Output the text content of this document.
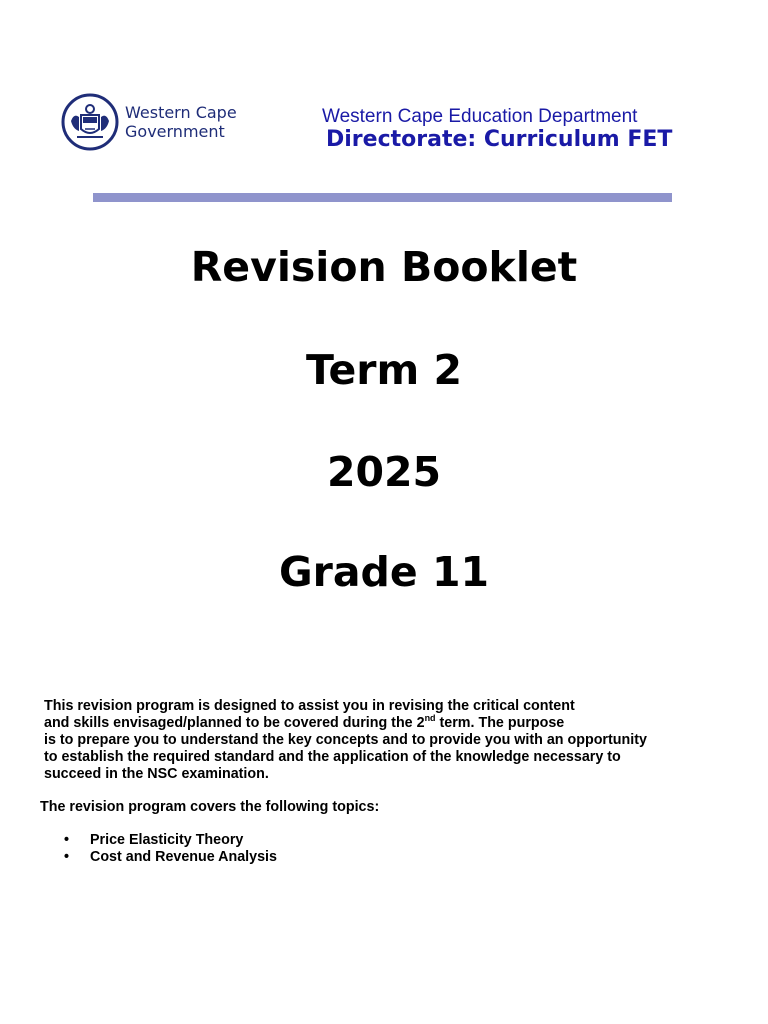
Western Cape
Government
Western Cape Education Department
Directorate: Curriculum FET
Revision Booklet
Term 2
2025
Grade 11
This revision program is designed to assist you in revising the critical content
and skills envisaged/planned to be covered during the 2nd term. The purpose
is to prepare you to understand the key concepts and to provide you with an opportunity
to establish the required standard and the application of the knowledge necessary to
succeed in the NSC examination.
The revision program covers the following topics:
• Price Elasticity Theory
• Cost and Revenue Analysis
